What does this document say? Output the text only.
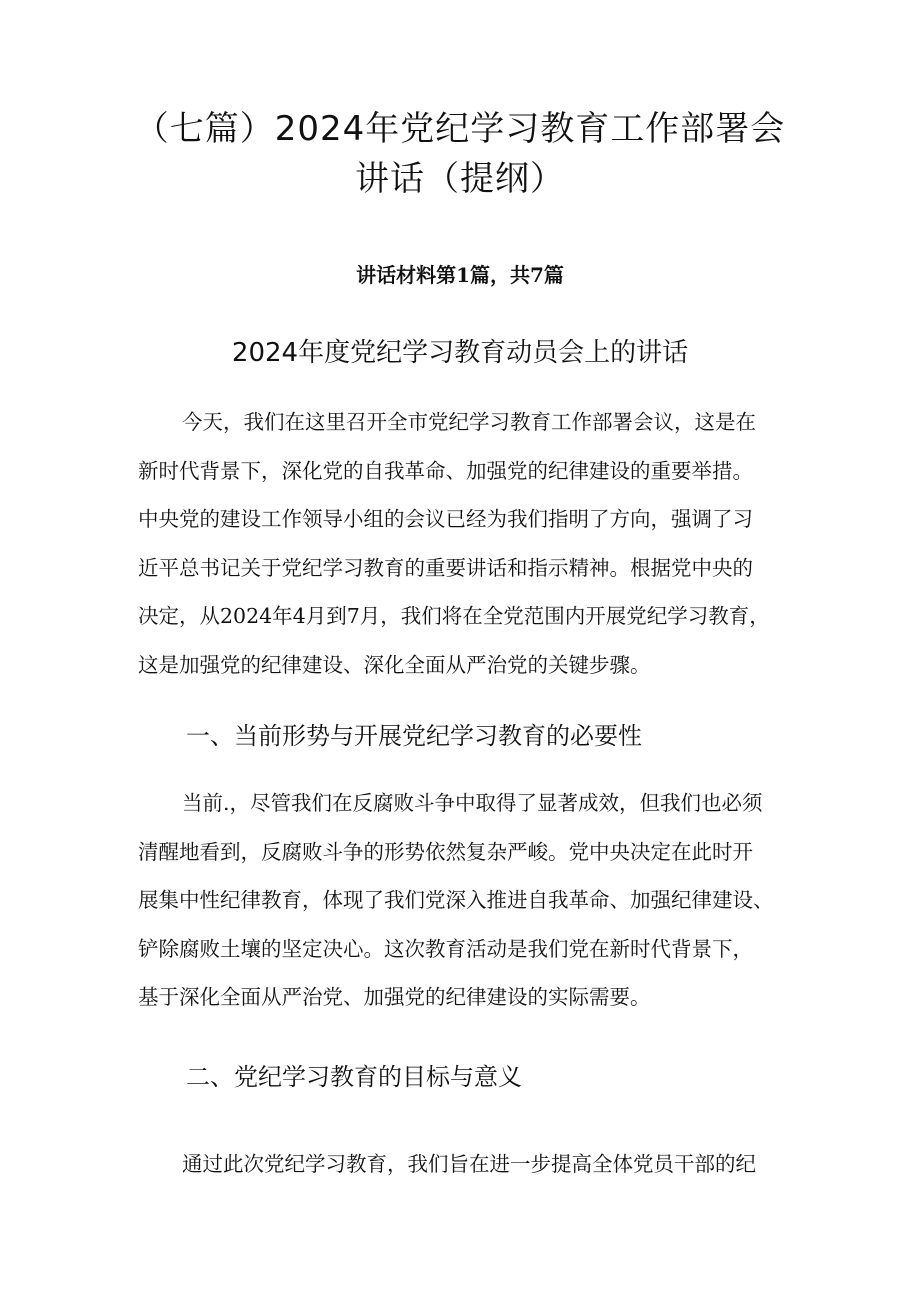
（七篇）2024年党纪学习教育工作部署会
讲话（提纲）
讲话材料第1篇，共7篇
2024年度党纪学习教育动员会上的讲话
今天，我们在这里召开全市党纪学习教育工作部署会议，这是在
新时代背景下，深化党的自我革命、加强党的纪律建设的重要举措。
中央党的建设工作领导小组的会议已经为我们指明了方向，强调了习
近平总书记关于党纪学习教育的重要讲话和指示精神。根据党中央的
决定，从2024年4月到7月，我们将在全党范围内开展党纪学习教育，
这是加强党的纪律建设、深化全面从严治党的关键步骤。
一、当前形势与开展党纪学习教育的必要性
当前.，尽管我们在反腐败斗争中取得了显著成效，但我们也必须
清醒地看到，反腐败斗争的形势依然复杂严峻。党中央决定在此时开
展集中性纪律教育，体现了我们党深入推进自我革命、加强纪律建设、
铲除腐败土壤的坚定决心。这次教育活动是我们党在新时代背景下，
基于深化全面从严治党、加强党的纪律建设的实际需要。
二、党纪学习教育的目标与意义
通过此次党纪学习教育，我们旨在进一步提高全体党员干部的纪
